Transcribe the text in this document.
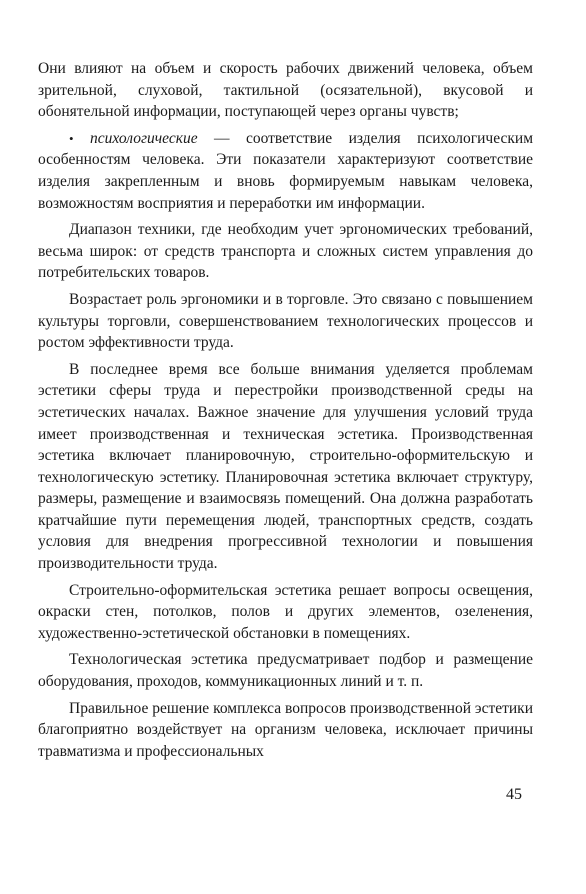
Они влияют на объем и скорость рабочих движений человека, объем зрительной, слуховой, тактильной (осязательной), вкусовой и обонятельной информации, поступающей через органы чувств;

• психологические — соответствие изделия психологическим особенностям человека. Эти показатели характеризуют соответствие изделия закрепленным и вновь формируемым навыкам человека, возможностям восприятия и переработки им информации.

Диапазон техники, где необходим учет эргономических требований, весьма широк: от средств транспорта и сложных систем управления до потребительских товаров.

Возрастает роль эргономики и в торговле. Это связано с повышением культуры торговли, совершенствованием технологических процессов и ростом эффективности труда.

В последнее время все больше внимания уделяется проблемам эстетики сферы труда и перестройки производственной среды на эстетических началах. Важное значение для улучшения условий труда имеет производственная и техническая эстетика. Производственная эстетика включает планировочную, строительно-оформительскую и технологическую эстетику. Планировочная эстетика включает структуру, размеры, размещение и взаимосвязь помещений. Она должна разработать кратчайшие пути перемещения людей, транспортных средств, создать условия для внедрения прогрессивной технологии и повышения производительности труда.

Строительно-оформительская эстетика решает вопросы освещения, окраски стен, потолков, полов и других элементов, озеленения, художественно-эстетической обстановки в помещениях.

Технологическая эстетика предусматривает подбор и размещение оборудования, проходов, коммуникационных линий и т. п.

Правильное решение комплекса вопросов производственной эстетики благоприятно воздействует на организм человека, исключает причины травматизма и профессиональных

45
